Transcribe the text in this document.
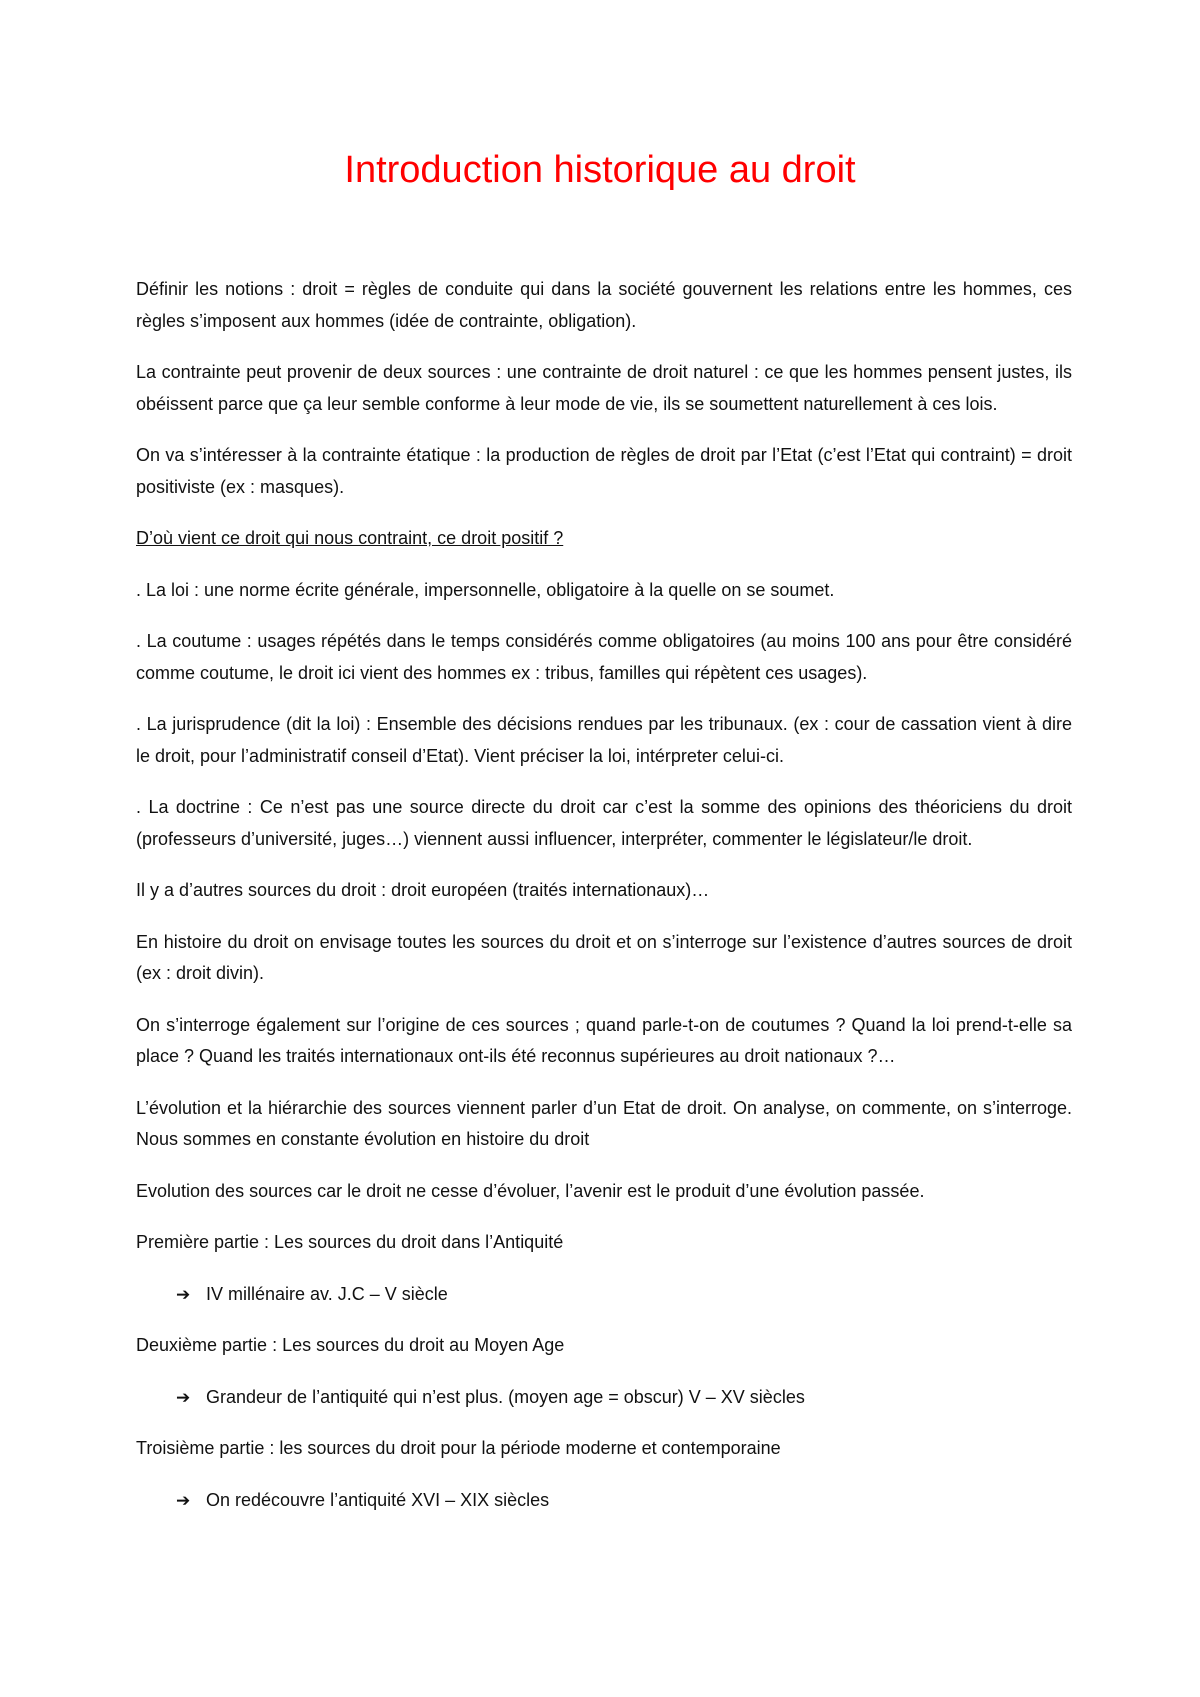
Introduction historique au droit

Définir les notions : droit = règles de conduite qui dans la société gouvernent les relations entre les hommes, ces règles s’imposent aux hommes (idée de contrainte, obligation).

La contrainte peut provenir de deux sources : une contrainte de droit naturel : ce que les hommes pensent justes, ils obéissent parce que ça leur semble conforme à leur mode de vie, ils se soumettent naturellement à ces lois.

On va s’intéresser à la contrainte étatique : la production de règles de droit par l’Etat (c’est l’Etat qui contraint) = droit positiviste (ex : masques).

D’où vient ce droit qui nous contraint, ce droit positif ?

. La loi : une norme écrite générale, impersonnelle, obligatoire à la quelle on se soumet.

. La coutume : usages répétés dans le temps considérés comme obligatoires (au moins 100 ans pour être considéré comme coutume, le droit ici vient des hommes ex : tribus, familles qui répètent ces usages).

. La jurisprudence (dit la loi) : Ensemble des décisions rendues par les tribunaux. (ex : cour de cassation vient à dire le droit, pour l’administratif conseil d’Etat). Vient préciser la loi, intérpreter celui-ci.

. La doctrine : Ce n’est pas une source directe du droit car c’est la somme des opinions des théoriciens du droit (professeurs d’université, juges…) viennent aussi influencer, interpréter, commenter le législateur/le droit.

Il y a d’autres sources du droit : droit européen (traités internationaux)…

En histoire du droit on envisage toutes les sources du droit et on s’interroge sur l’existence d’autres sources de droit (ex : droit divin).

On s’interroge également sur l’origine de ces sources ; quand parle-t-on de coutumes ? Quand la loi prend-t-elle sa place ? Quand les traités internationaux ont-ils été reconnus supérieures au droit nationaux ?…

L’évolution et la hiérarchie des sources viennent parler d’un Etat de droit. On analyse, on commente, on s’interroge. Nous sommes en constante évolution en histoire du droit

Evolution des sources car le droit ne cesse d’évoluer, l’avenir est le produit d’une évolution passée.

Première partie : Les sources du droit dans l’Antiquité

➔ IV millénaire av. J.C – V siècle

Deuxième partie : Les sources du droit au Moyen Age

➔ Grandeur de l’antiquité qui n’est plus. (moyen age = obscur) V – XV siècles

Troisième partie : les sources du droit pour la période moderne et contemporaine

➔ On redécouvre l’antiquité XVI – XIX siècles
